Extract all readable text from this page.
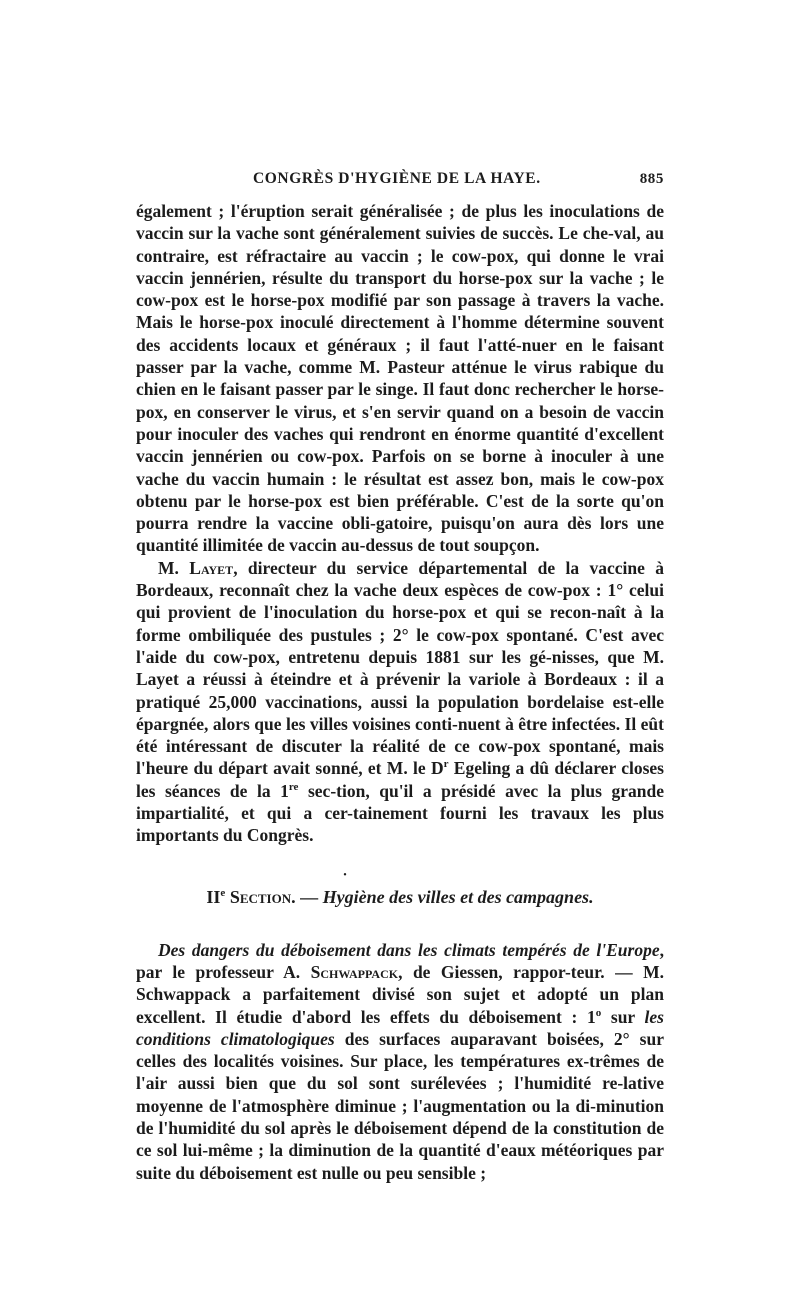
CONGRÈS D'HYGIÈNE DE LA HAYE.	885

également ; l'éruption serait généralisée ; de plus les inoculations de vaccin sur la vache sont généralement suivies de succès. Le che-val, au contraire, est réfractaire au vaccin ; le cow-pox, qui donne le vrai vaccin jennérien, résulte du transport du horse-pox sur la vache ; le cow-pox est le horse-pox modifié par son passage à travers la vache. Mais le horse-pox inoculé directement à l'homme détermine souvent des accidents locaux et généraux ; il faut l'atté-nuer en le faisant passer par la vache, comme M. Pasteur atténue le virus rabique du chien en le faisant passer par le singe. Il faut donc rechercher le horse-pox, en conserver le virus, et s'en servir quand on a besoin de vaccin pour inoculer des vaches qui rendront en énorme quantité d'excellent vaccin jennérien ou cow-pox. Parfois on se borne à inoculer à une vache du vaccin humain : le résultat est assez bon, mais le cow-pox obtenu par le horse-pox est bien préférable. C'est de la sorte qu'on pourra rendre la vaccine obli-gatoire, puisqu'on aura dès lors une quantité illimitée de vaccin au-dessus de tout soupçon.

M. Layet, directeur du service départemental de la vaccine à Bordeaux, reconnaît chez la vache deux espèces de cow-pox : 1° celui qui provient de l'inoculation du horse-pox et qui se recon-naît à la forme ombiliquée des pustules ; 2° le cow-pox spontané. C'est avec l'aide du cow-pox, entretenu depuis 1881 sur les gé-nisses, que M. Layet a réussi à éteindre et à prévenir la variole à Bordeaux : il a pratiqué 25,000 vaccinations, aussi la population bordelaise est-elle épargnée, alors que les villes voisines conti-nuent à être infectées. Il eût été intéressant de discuter la réalité de ce cow-pox spontané, mais l'heure du départ avait sonné, et M. le $D^r$ Egeling a dû déclarer closes les séances de la 1re sec-tion, qu'il a présidé avec la plus grande impartialité, et qui a cer-tainement fourni les travaux les plus importants du Congrès.

•
IIe Section. — Hygiène des villes et des campagnes.

Des dangers du déboisement dans les climats tempérés de l'Europe, par le professeur A. Schwappack, de Giessen, rappor-teur. — M. Schwappack a parfaitement divisé son sujet et adopté un plan excellent. Il étudie d'abord les effets du déboisement : 1$^o$ sur les conditions climatologiques des surfaces auparavant boisées, 2° sur celles des localités voisines. Sur place, les températures ex-trêmes de l'air aussi bien que du sol sont surélevées ; l'humidité re-lative moyenne de l'atmosphère diminue ; l'augmentation ou la di-minution de l'humidité du sol après le déboisement dépend de la constitution de ce sol lui-même ; la diminution de la quantité d'eaux météoriques par suite du déboisement est nulle ou peu sensible ;
